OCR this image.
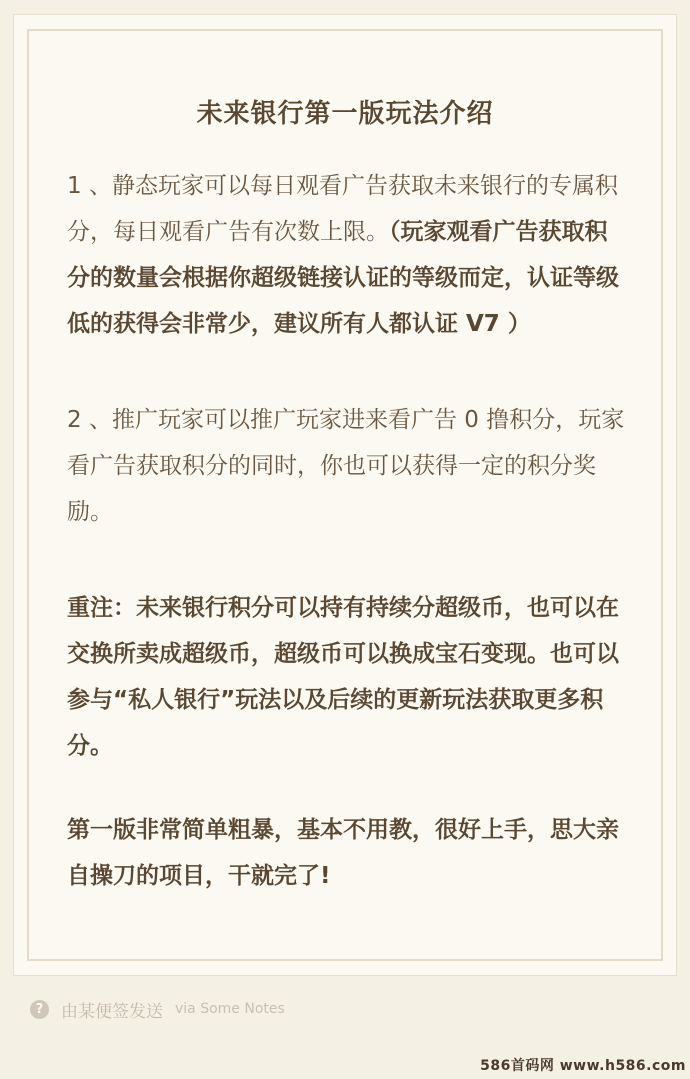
未来银行第一版玩法介绍

1 、静态玩家可以每日观看广告获取未来银行的专属积分，每日观看广告有次数上限。（玩家观看广告获取积分的数量会根据你超级链接认证的等级而定，认证等级低的获得会非常少，建议所有人都认证 V7 ）

2 、推广玩家可以推广玩家进来看广告 0 撸积分，玩家看广告获取积分的同时，你也可以获得一定的积分奖励。

重注：未来银行积分可以持有持续分超级币，也可以在交换所卖成超级币，超级币可以换成宝石变现。也可以参与“私人银行”玩法以及后续的更新玩法获取更多积分。

第一版非常简单粗暴，基本不用教，很好上手，思大亲自操刀的项目，干就完了!

?	由某便签发送 via Some Notes
586首码网 www.h586.com
